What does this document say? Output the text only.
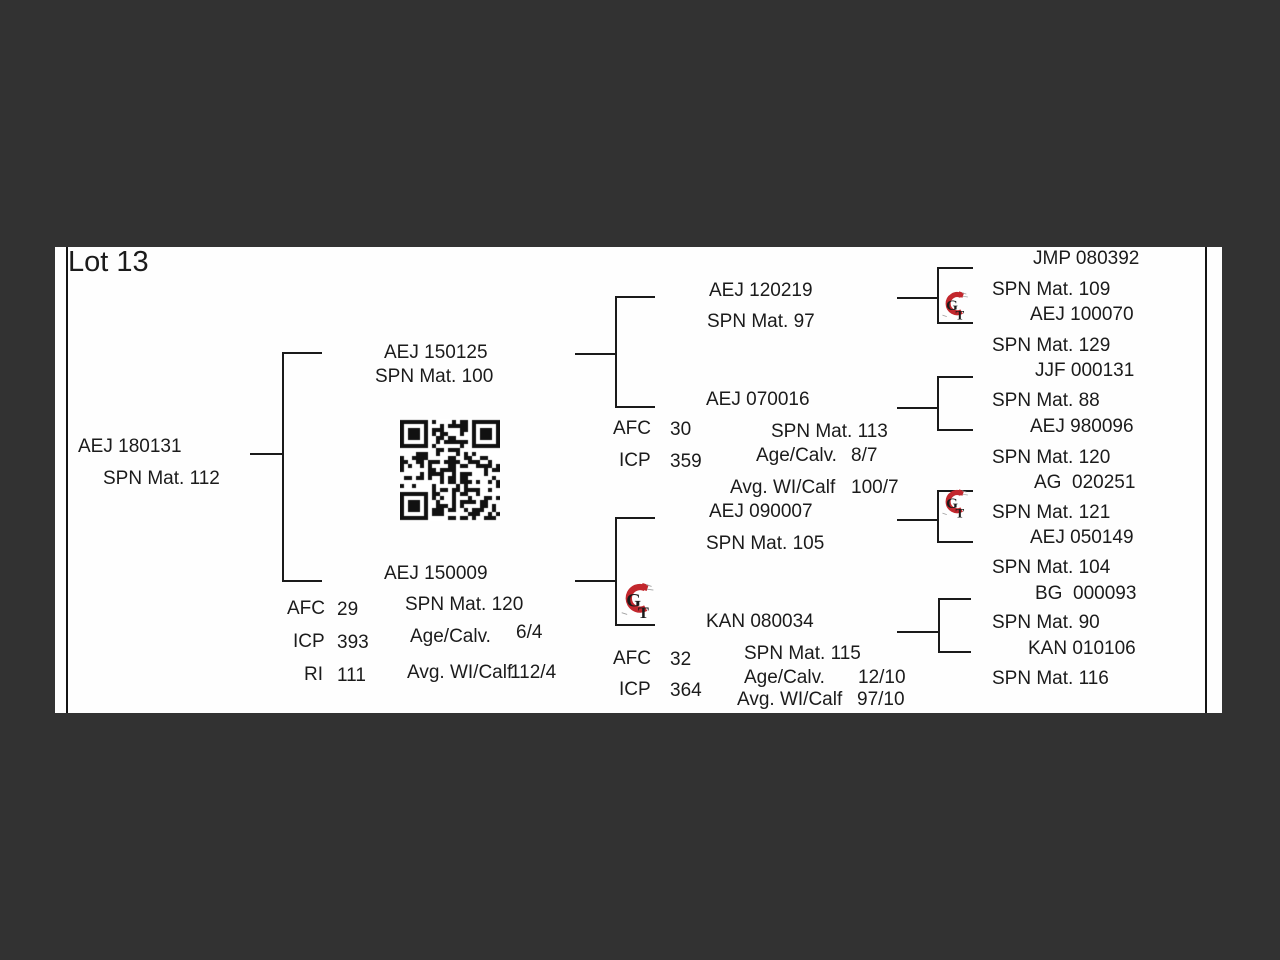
Lot 13
AEJ 180131
SPN Mat. 112
AEJ 150125
SPN Mat. 100
AEJ 150009
SPN Mat. 120
Age/Calv. 6/4
Avg. WI/Calf
112/4
AFC 29
ICP 393
RI 111
G
T
AEJ 120219
SPN Mat. 97
AEJ 070016
SPN Mat. 113
Age/Calv. 8/7
Avg. WI/Calf 100/7
AFC 30
ICP 359
AEJ 090007
SPN Mat. 105
KAN 080034
SPN Mat. 115
Age/Calv. 12/10
Avg. WI/Calf 97/10
AFC 32
ICP 364
G
T
G
T
JMP 080392
SPN Mat. 109
AEJ 100070
SPN Mat. 129
JJF 000131
SPN Mat. 88
AEJ 980096
SPN Mat. 120
AG  020251
SPN Mat. 121
AEJ 050149
SPN Mat. 104
BG  000093
SPN Mat. 90
KAN 010106
SPN Mat. 116
